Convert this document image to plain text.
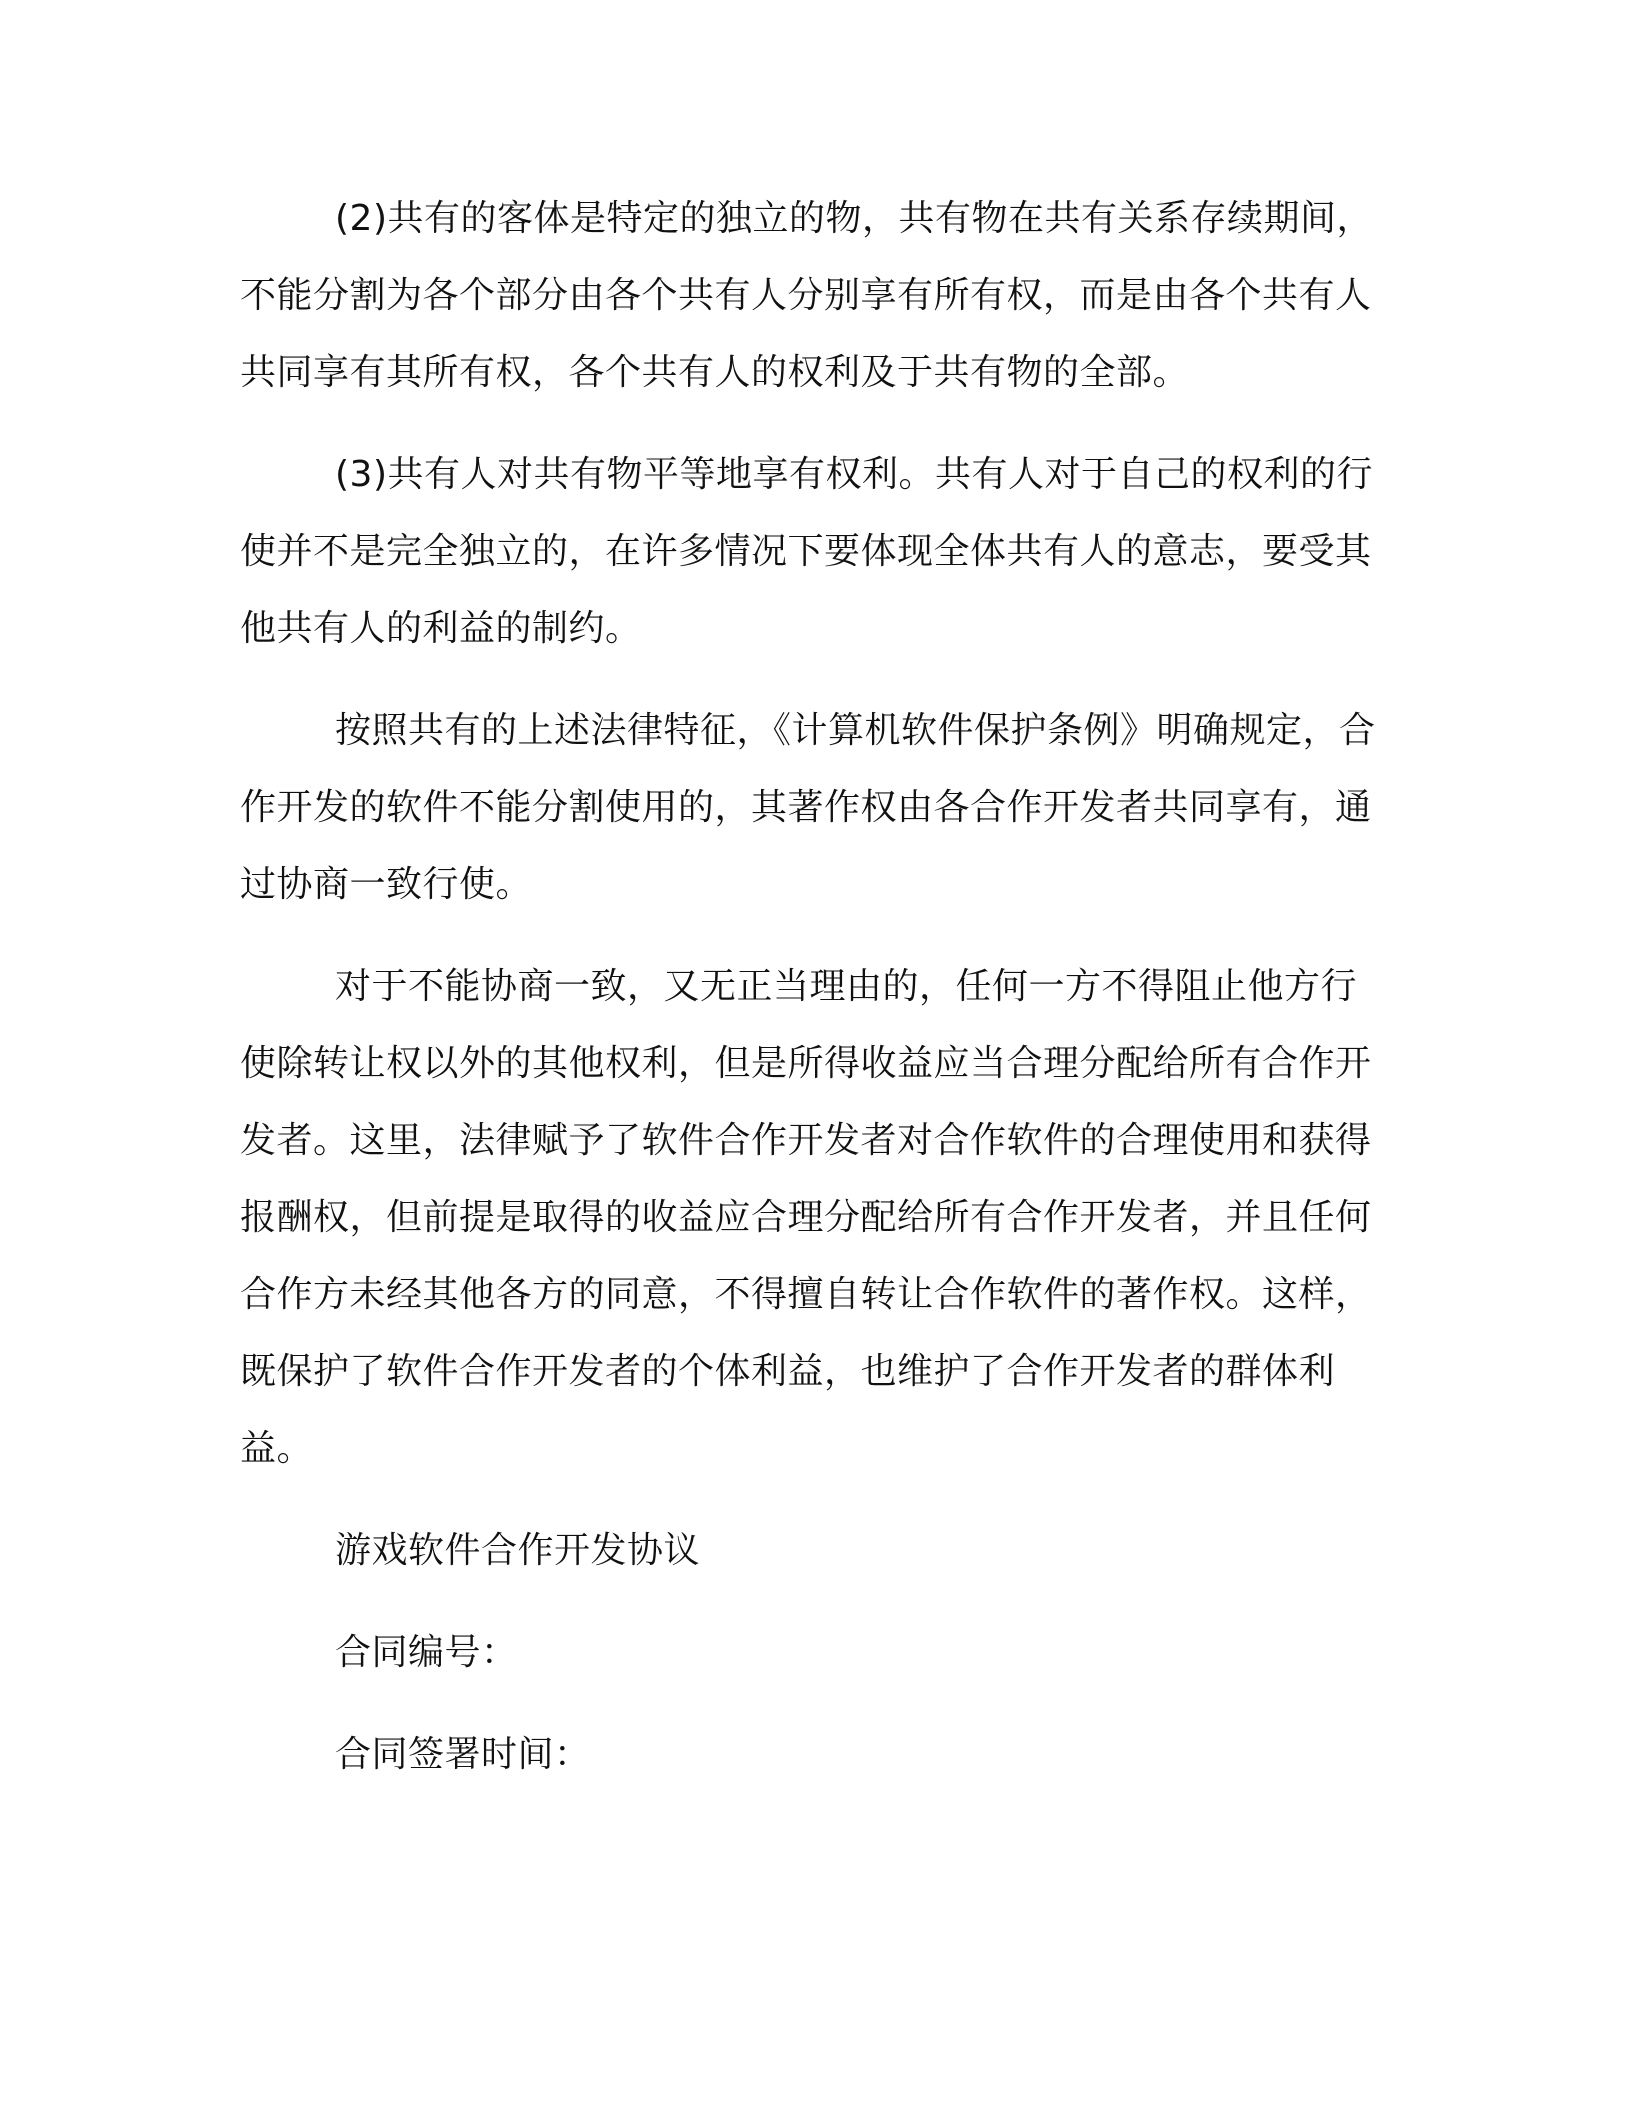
(2)共有的客体是特定的独立的物，共有物在共有关系存续期间，不能分割为各个部分由各个共有人分别享有所有权，而是由各个共有人共同享有其所有权，各个共有人的权利及于共有物的全部。

(3)共有人对共有物平等地享有权利。共有人对于自己的权利的行使并不是完全独立的，在许多情况下要体现全体共有人的意志，要受其他共有人的利益的制约。

按照共有的上述法律特征，《计算机软件保护条例》明确规定，合作开发的软件不能分割使用的，其著作权由各合作开发者共同享有，通过协商一致行使。

对于不能协商一致，又无正当理由的，任何一方不得阻止他方行使除转让权以外的其他权利，但是所得收益应当合理分配给所有合作开发者。这里，法律赋予了软件合作开发者对合作软件的合理使用和获得报酬权，但前提是取得的收益应合理分配给所有合作开发者，并且任何合作方未经其他各方的同意，不得擅自转让合作软件的著作权。这样，既保护了软件合作开发者的个体利益，也维护了合作开发者的群体利益。

游戏软件合作开发协议
合同编号：
合同签署时间：
